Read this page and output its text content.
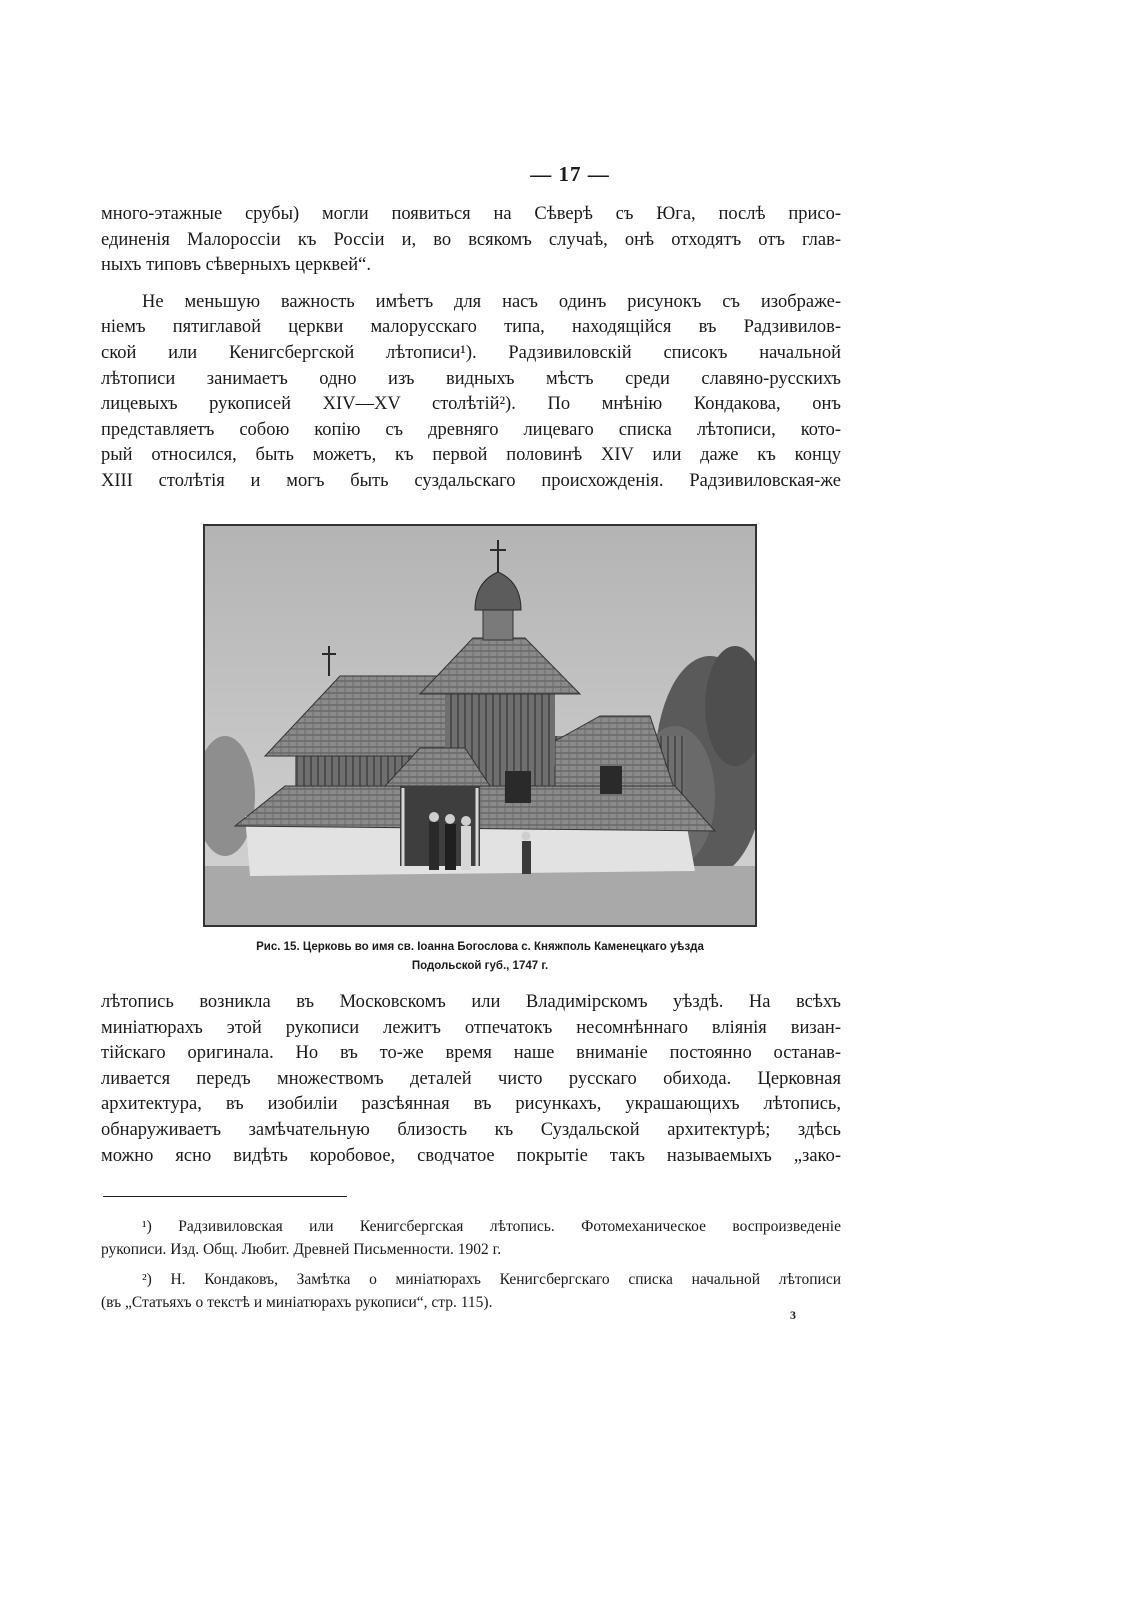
— 17 —
много-этажные срубы) могли появиться на Сѣверѣ съ Юга, послѣ присо-
единенія Малороссіи къ Россіи и, во всякомъ случаѣ, онѣ отходятъ отъ глав-
ныхъ типовъ сѣверныхъ церквей“.
Не меньшую важность имѣетъ для насъ одинъ рисунокъ съ изображе-
ніемъ пятиглавой церкви малорусскаго типа, находящійся въ Радзивилов-
ской или Кенигсбергской лѣтописи¹). Радзивиловскій списокъ начальной
лѣтописи занимаетъ одно изъ видныхъ мѣстъ среди славяно-русскихъ
лицевыхъ рукописей XIV—XV столѣтій²). По мнѣнію Кондакова, онъ
представляетъ собою копію съ древняго лицеваго списка лѣтописи, кото-
рый относился, быть можетъ, къ первой половинѣ XIV или даже къ концу
XIII столѣтія и могъ быть суздальскаго происхожденія. Радзивиловская-же
Рис. 15. Церковь во имя св. Іоанна Богослова с. Княжполь Каменецкаго уѣзда
Подольской губ., 1747 г.
лѣтопись возникла въ Московскомъ или Владимірскомъ уѣздѣ. На всѣхъ
миніатюрахъ этой рукописи лежитъ отпечатокъ несомнѣннаго вліянія визан-
тійскаго оригинала. Но въ то-же время наше вниманіе постоянно останав-
ливается передъ множествомъ деталей чисто русскаго обихода. Церковная
архитектура, въ изобиліи разсѣянная въ рисункахъ, украшающихъ лѣтопись,
обнаруживаетъ замѣчательную близость къ Суздальской архитектурѣ; здѣсь
можно ясно видѣть коробовое, сводчатое покрытіе такъ называемыхъ „зако-
¹) Радзивиловская или Кенигсбергская лѣтопись. Фотомеханическое воспроизведеніе
рукописи. Изд. Общ. Любит. Древней Письменности. 1902 г.
²) Н. Кондаковъ, Замѣтка о миніатюрахъ Кенигсбергскаго списка начальной лѣтописи
(въ „Статьяхъ о текстѣ и миніатюрахъ рукописи“, стр. 115).
3
